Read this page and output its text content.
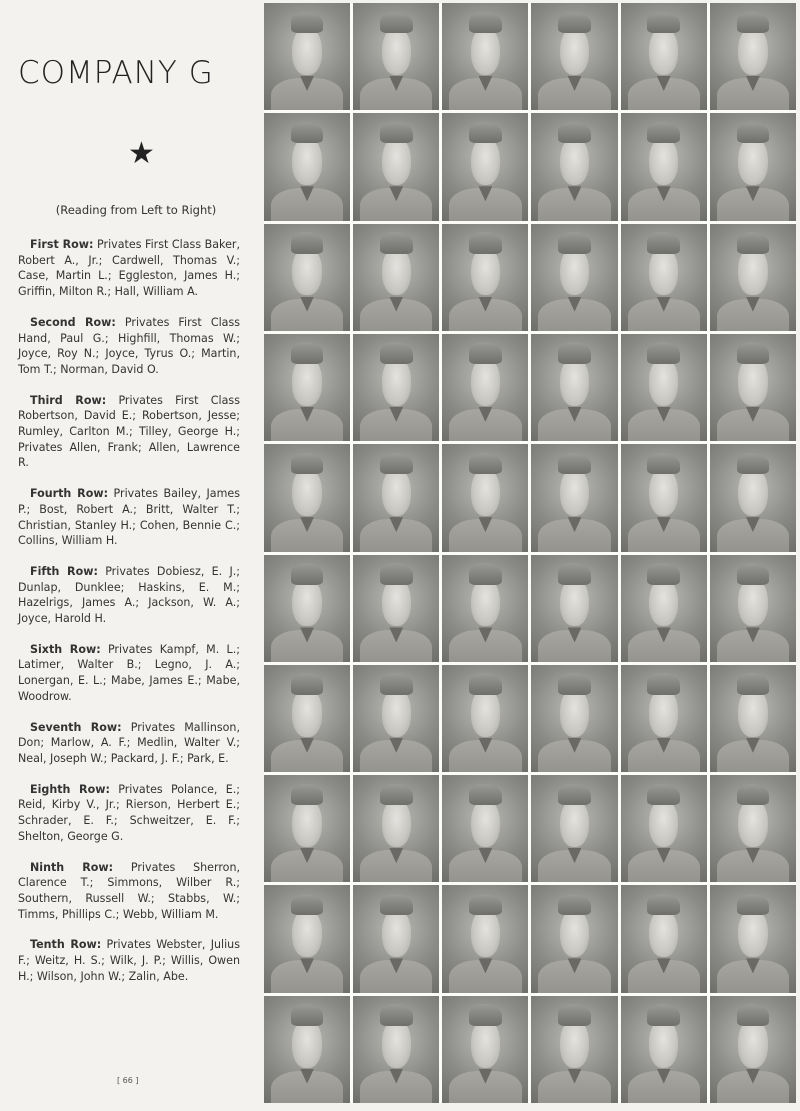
COMPANY G
★
(Reading from Left to Right)

First Row: Privates First Class Baker, Robert A., Jr.; Cardwell, Thomas V.; Case, Martin L.; Eggleston, James H.; Griffin, Milton R.; Hall, William A.

Second Row: Privates First Class Hand, Paul G.; Highfill, Thomas W.; Joyce, Roy N.; Joyce, Tyrus O.; Martin, Tom T.; Norman, David O.

Third Row: Privates First Class Robertson, David E.; Robertson, Jesse; Rumley, Carlton M.; Tilley, George H.; Privates Allen, Frank; Allen, Lawrence R.

Fourth Row: Privates Bailey, James P.; Bost, Robert A.; Britt, Walter T.; Christian, Stanley H.; Cohen, Bennie C.; Collins, William H.

Fifth Row: Privates Dobiesz, E. J.; Dunlap, Dunklee; Haskins, E. M.; Hazelrigs, James A.; Jackson, W. A.; Joyce, Harold H.

Sixth Row: Privates Kampf, M. L.; Latimer, Walter B.; Legno, J. A.; Lonergan, E. L.; Mabe, James E.; Mabe, Woodrow.

Seventh Row: Privates Mallinson, Don; Marlow, A. F.; Medlin, Walter V.; Neal, Joseph W.; Packard, J. F.; Park, E.

Eighth Row: Privates Polance, E.; Reid, Kirby V., Jr.; Rierson, Herbert E.; Schrader, E. F.; Schweitzer, E. F.; Shelton, George G.

Ninth Row: Privates Sherron, Clarence T.; Simmons, Wilber R.; Southern, Russell W.; Stabbs, W.; Timms, Phillips C.; Webb, William M.

Tenth Row: Privates Webster, Julius F.; Weitz, H. S.; Wilk, J. P.; Willis, Owen H.; Wilson, John W.; Zalin, Abe.

[ 66 ]
